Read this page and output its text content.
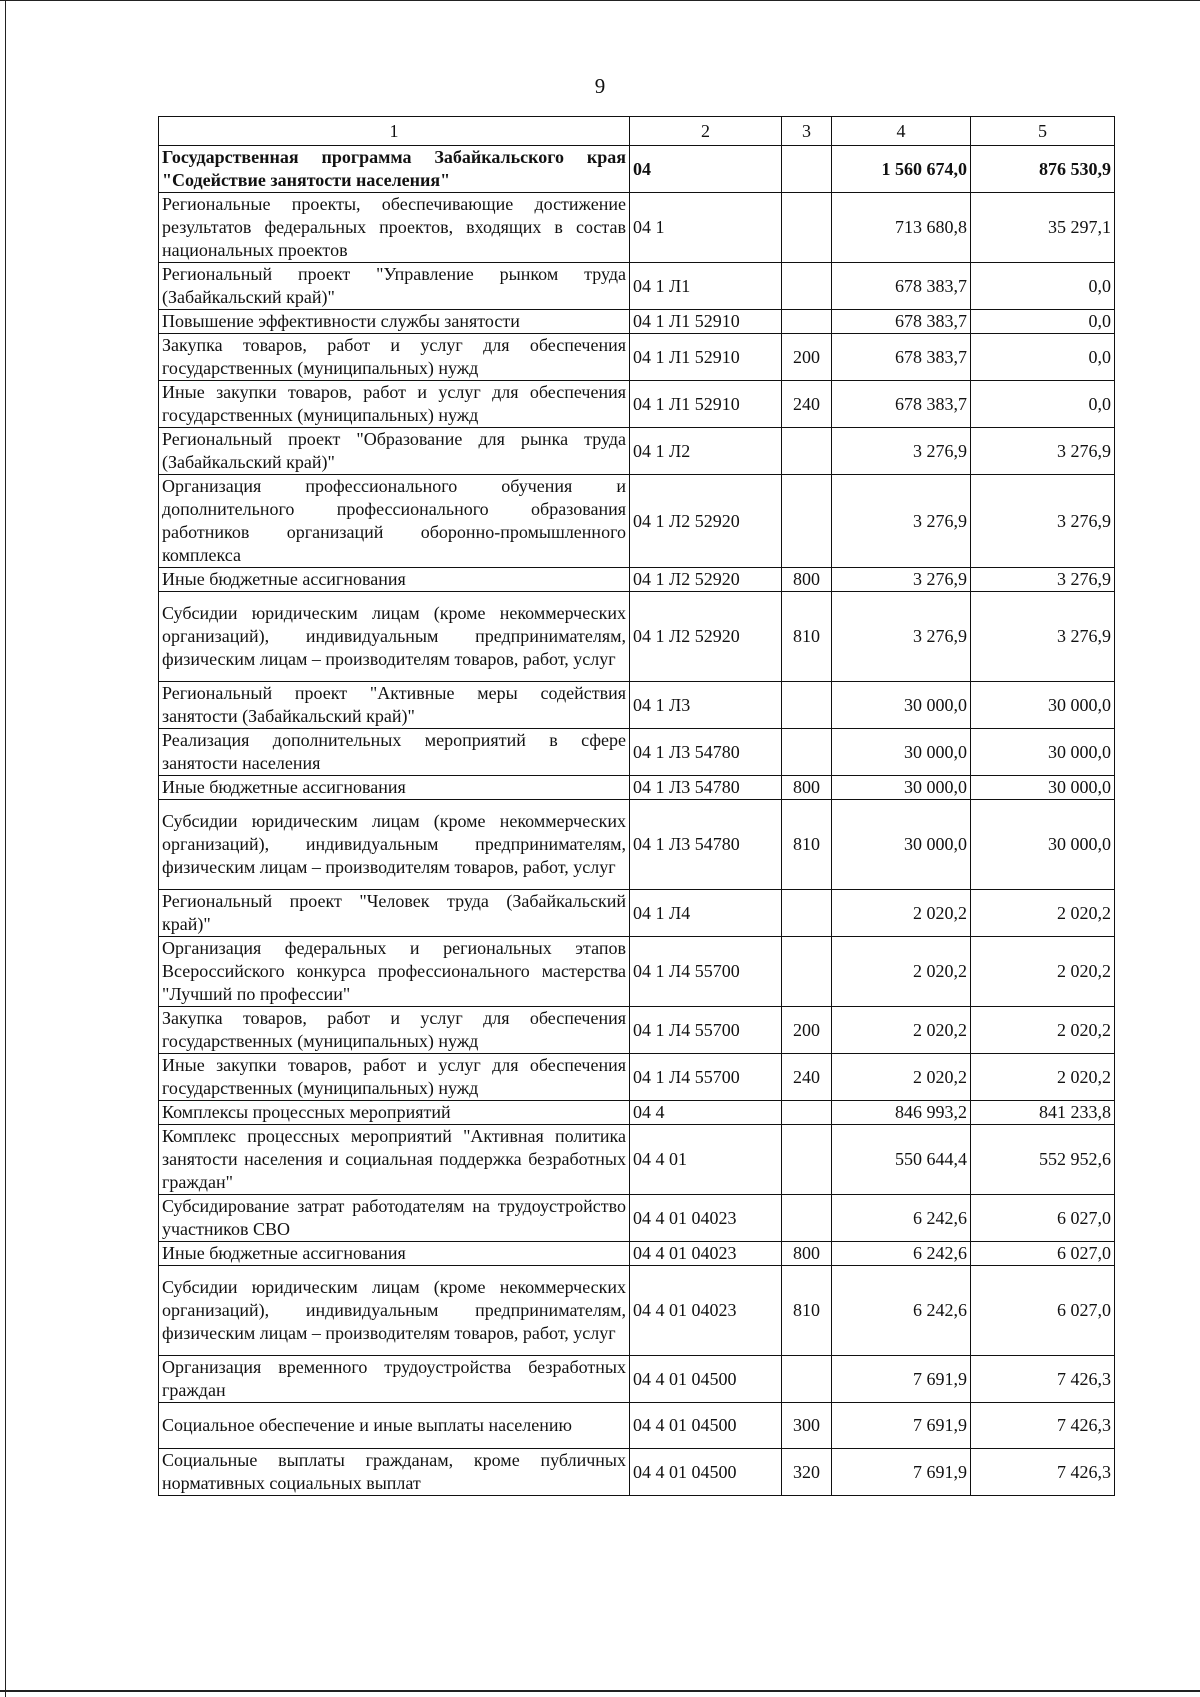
9
1	2	3	4	5
Государственная программа Забайкальского края "Содействие занятости населения"	04		1 560 674,0	876 530,9
Региональные проекты, обеспечивающие достижение результатов федеральных проектов, входящих в состав национальных проектов	04 1		713 680,8	35 297,1
Региональный проект "Управление рынком труда (Забайкальский край)"	04 1 Л1		678 383,7	0,0
Повышение эффективности службы занятости	04 1 Л1 52910		678 383,7	0,0
Закупка товаров, работ и услуг для обеспечения государственных (муниципальных) нужд	04 1 Л1 52910	200	678 383,7	0,0
Иные закупки товаров, работ и услуг для обеспечения государственных (муниципальных) нужд	04 1 Л1 52910	240	678 383,7	0,0
Региональный проект "Образование для рынка труда (Забайкальский край)"	04 1 Л2		3 276,9	3 276,9
Организация профессионального обучения и дополнительного профессионального образования работников организаций оборонно-промышленного комплекса	04 1 Л2 52920		3 276,9	3 276,9
Иные бюджетные ассигнования	04 1 Л2 52920	800	3 276,9	3 276,9
Субсидии юридическим лицам (кроме некоммерческих организаций), индивидуальным предпринимателям, физическим лицам – производителям товаров, работ, услуг	04 1 Л2 52920	810	3 276,9	3 276,9
Региональный проект "Активные меры содействия занятости (Забайкальский край)"	04 1 Л3		30 000,0	30 000,0
Реализация дополнительных мероприятий в сфере занятости населения	04 1 Л3 54780		30 000,0	30 000,0
Иные бюджетные ассигнования	04 1 Л3 54780	800	30 000,0	30 000,0
Субсидии юридическим лицам (кроме некоммерческих организаций), индивидуальным предпринимателям, физическим лицам – производителям товаров, работ, услуг	04 1 Л3 54780	810	30 000,0	30 000,0
Региональный проект "Человек труда (Забайкальский край)"	04 1 Л4		2 020,2	2 020,2
Организация федеральных и региональных этапов Всероссийского конкурса профессионального мастерства "Лучший по профессии"	04 1 Л4 55700		2 020,2	2 020,2
Закупка товаров, работ и услуг для обеспечения государственных (муниципальных) нужд	04 1 Л4 55700	200	2 020,2	2 020,2
Иные закупки товаров, работ и услуг для обеспечения государственных (муниципальных) нужд	04 1 Л4 55700	240	2 020,2	2 020,2
Комплексы процессных мероприятий	04 4		846 993,2	841 233,8
Комплекс процессных мероприятий "Активная политика занятости населения и социальная поддержка безработных граждан"	04 4 01		550 644,4	552 952,6
Субсидирование затрат работодателям на трудоустройство участников СВО	04 4 01 04023		6 242,6	6 027,0
Иные бюджетные ассигнования	04 4 01 04023	800	6 242,6	6 027,0
Субсидии юридическим лицам (кроме некоммерческих организаций), индивидуальным предпринимателям, физическим лицам – производителям товаров, работ, услуг	04 4 01 04023	810	6 242,6	6 027,0
Организация временного трудоустройства безработных граждан	04 4 01 04500		7 691,9	7 426,3
Социальное обеспечение и иные выплаты населению	04 4 01 04500	300	7 691,9	7 426,3
Социальные выплаты гражданам, кроме публичных нормативных социальных выплат	04 4 01 04500	320	7 691,9	7 426,3
